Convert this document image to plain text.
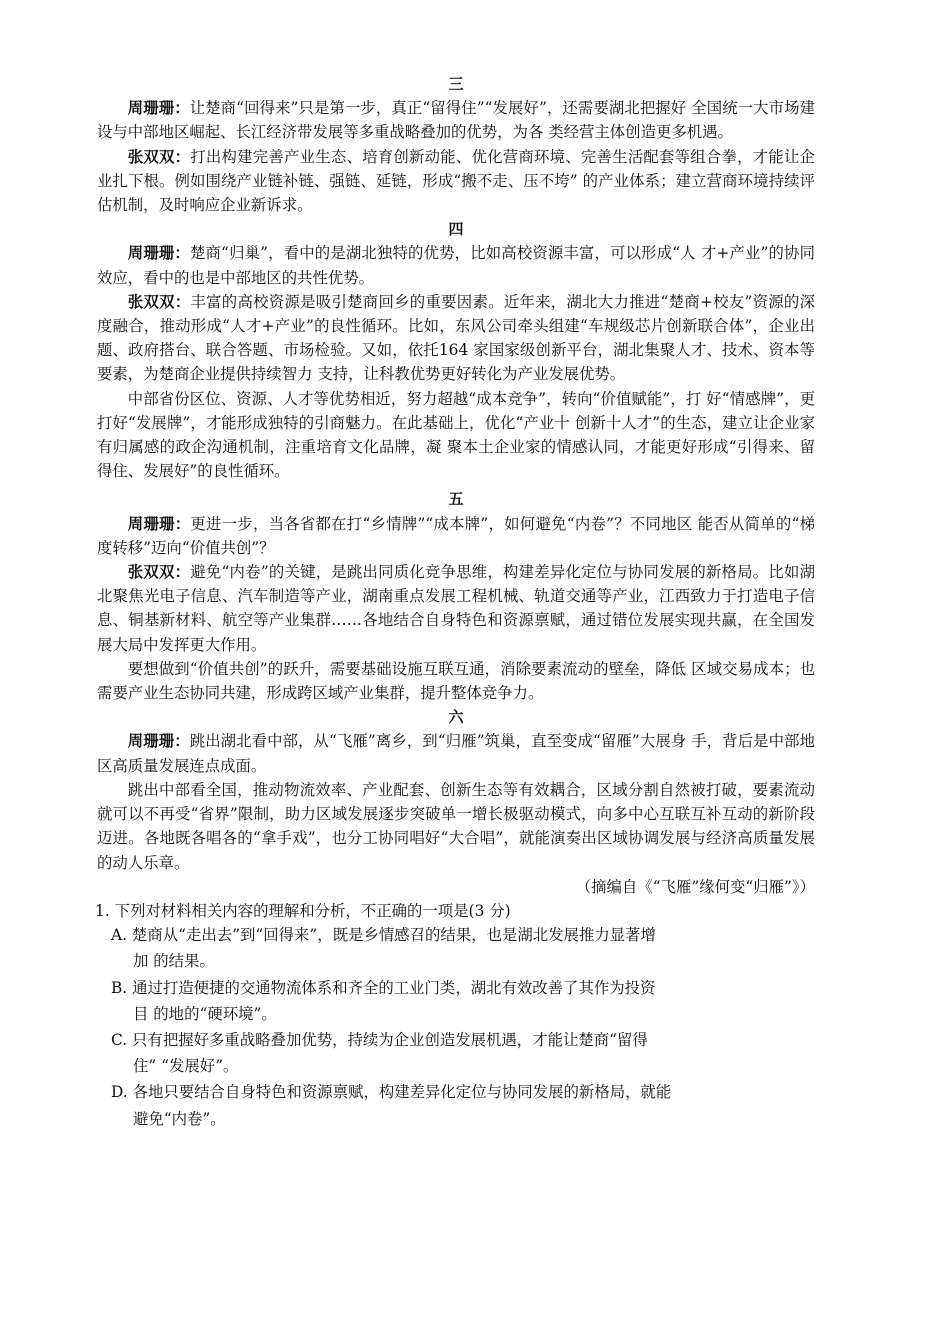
三

周珊珊：让楚商“回得来”只是第一步，真正“留得住”“发展好”，还需要湖北把握好 全国统一大市场建设与中部地区崛起、长江经济带发展等多重战略叠加的优势，为各 类经营主体创造更多机遇。

张双双：打出构建完善产业生态、培育创新动能、优化营商环境、完善生活配套等组合拳，才能让企业扎下根。例如围绕产业链补链、强链、延链，形成“搬不走、压不垮” 的产业体系；建立营商环境持续评估机制，及时响应企业新诉求。

四

周珊珊：楚商“归巢”，看中的是湖北独特的优势，比如高校资源丰富，可以形成“人 才+产业”的协同效应，看中的也是中部地区的共性优势。

张双双：丰富的高校资源是吸引楚商回乡的重要因素。近年来，湖北大力推进“楚商+校友”资源的深度融合，推动形成“人才+产业”的良性循环。比如，东风公司牵头组建“车规级芯片创新联合体”，企业出题、政府搭台、联合答题、市场检验。又如，依托164 家国家级创新平台，湖北集聚人才、技术、资本等要素，为楚商企业提供持续智力 支持，让科教优势更好转化为产业发展优势。

中部省份区位、资源、人才等优势相近，努力超越“成本竞争”，转向“价值赋能”，打 好“情感牌”，更打好“发展牌”，才能形成独特的引商魅力。在此基础上，优化“产业十 创新十人才”的生态，建立让企业家有归属感的政企沟通机制，注重培育文化品牌，凝 聚本土企业家的情感认同，才能更好形成“引得来、留得住、发展好”的良性循环。

五

周珊珊：更进一步，当各省都在打“乡情牌”“成本牌”，如何避免“内卷”？不同地区 能否从简单的“梯度转移”迈向“价值共创”？

张双双：避免“内卷”的关键，是跳出同质化竞争思维，构建差异化定位与协同发展的新格局。比如湖北聚焦光电子信息、汽车制造等产业，湖南重点发展工程机械、轨道交通等产业，江西致力于打造电子信息、铜基新材料、航空等产业集群……各地结合自身特色和资源禀赋，通过错位发展实现共赢，在全国发展大局中发挥更大作用。

要想做到“价值共创”的跃升，需要基础设施互联互通，消除要素流动的壁垒，降低 区域交易成本；也需要产业生态协同共建，形成跨区域产业集群，提升整体竞争力。

六

周珊珊：跳出湖北看中部，从“飞雁”离乡，到“归雁”筑巢，直至变成“留雁”大展身 手，背后是中部地区高质量发展连点成面。

跳出中部看全国，推动物流效率、产业配套、创新生态等有效耦合，区域分割自然被打破，要素流动就可以不再受“省界”限制，助力区域发展逐步突破单一增长极驱动模式，向多中心互联互补互动的新阶段迈进。各地既各唱各的“拿手戏”，也分工协同唱好“大合唱”，就能演奏出区域协调发展与经济高质量发展的动人乐章。

（摘编自《“飞雁”缘何变“归雁”》）

1. 下列对材料相关内容的理解和分析，不正确的一项是(3 分)

A. 楚商从“走出去”到“回得来”，既是乡情感召的结果，也是湖北发展推力显著增

加 的结果。

B. 通过打造便捷的交通物流体系和齐全的工业门类，湖北有效改善了其作为投资

目 的地的“硬环境”。

C. 只有把握好多重战略叠加优势，持续为企业创造发展机遇，才能让楚商“留得

住” “发展好”。

D. 各地只要结合自身特色和资源禀赋，构建差异化定位与协同发展的新格局，就能

避免“内卷”。
